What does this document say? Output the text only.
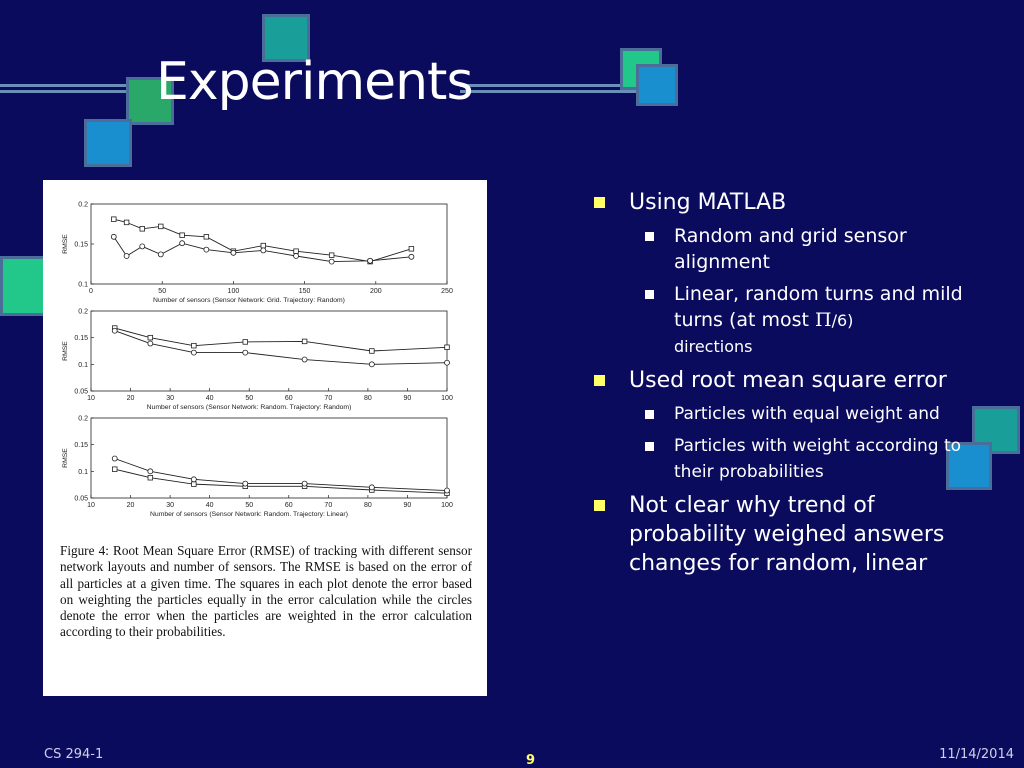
Experiments
0	50	100	150	200	250
0.1
0.15
0.2
Number of sensors (Sensor Network: Grid. Trajectory: Random)
RMSE
10	20	30	40	50	60	70	80	90	100
0.05
0.1
0.15
0.2
Number of sensors (Sensor Network: Random. Trajectory: Random)
RMSE
10	20	30	40	50	60	70	80	90	100
0.05
0.1
0.15
0.2
Number of sensors (Sensor Network: Random. Trajectory: Linear)
RMSE
Figure 4: Root Mean Square Error (RMSE) of tracking with different sensor network layouts and number of sensors. The RMSE is based on the error of all particles at a given time. The squares in each plot denote the error based on weighting the particles equally in the error calculation while the circles denote the error when the particles are weighted in the error calculation according to their probabilities.
Using MATLAB
Random and grid sensor alignment
Linear, random turns and mild turns (at most Π/6)
directions
Used root mean square error
Particles with equal weight and
Particles with weight according to their probabilities
Not clear why trend of probability weighed answers changes for random, linear
CS 294-1	9	11/14/2014
